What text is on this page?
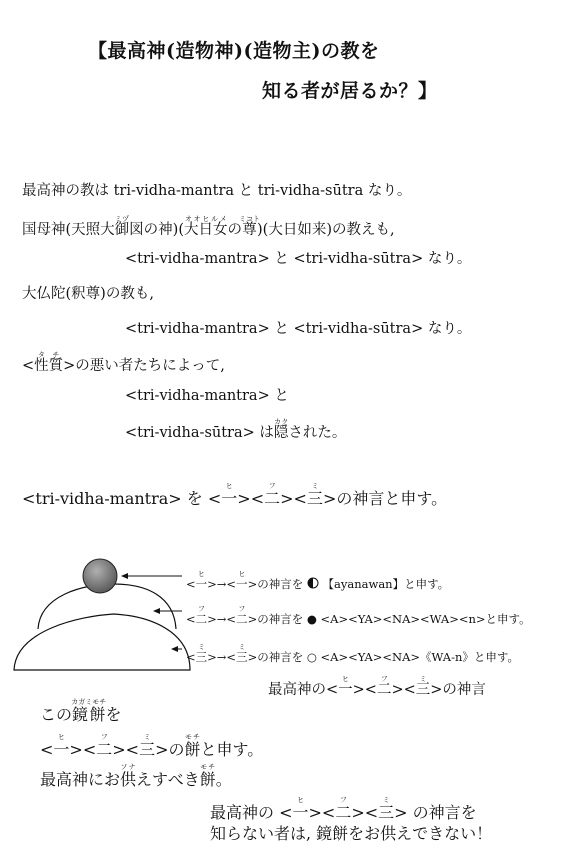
【最高神(造物神)(造物主)の教を
知る者が居るか？】
最高神の教は tri-vidha-mantra と tri-vidha-sūtra なり。
国母神(天照大御ミヅ図の神)(大日女オオヒルメの尊ミコト)(大日如来)の教えも,
<tri-vidha-mantra> と <tri-vidha-sūtra> なり。
大仏陀(釈尊)の教も,
<tri-vidha-mantra> と <tri-vidha-sūtra> なり。
<性質タチ>の悪い者たちによって,
<tri-vidha-mantra> と
<tri-vidha-sūtra> は隠カクされた。
<tri-vidha-mantra> を <一ヒ><二フ><三ミ>の神言と申す。
<一ヒ>→<一ヒ>の神言を 【ayanawan】と申す。
<二フ>→<二フ>の神言を ● <A><YA><NA><WA><n>と申す。
<三ミ>→<三ミ>の神言を ○ <A><YA><NA>《WA-n》と申す。
最高神の<一ヒ><二フ><三ミ>の神言
この鏡餅カガミモチを
<一ヒ><二フ><三ミ>の餅モチと申す。
最高神にお供ソナえすべき餅モチ。
最高神の <一ヒ><二フ><三ミ> の神言を
知らない者は, 鏡餅をお供えできない！
